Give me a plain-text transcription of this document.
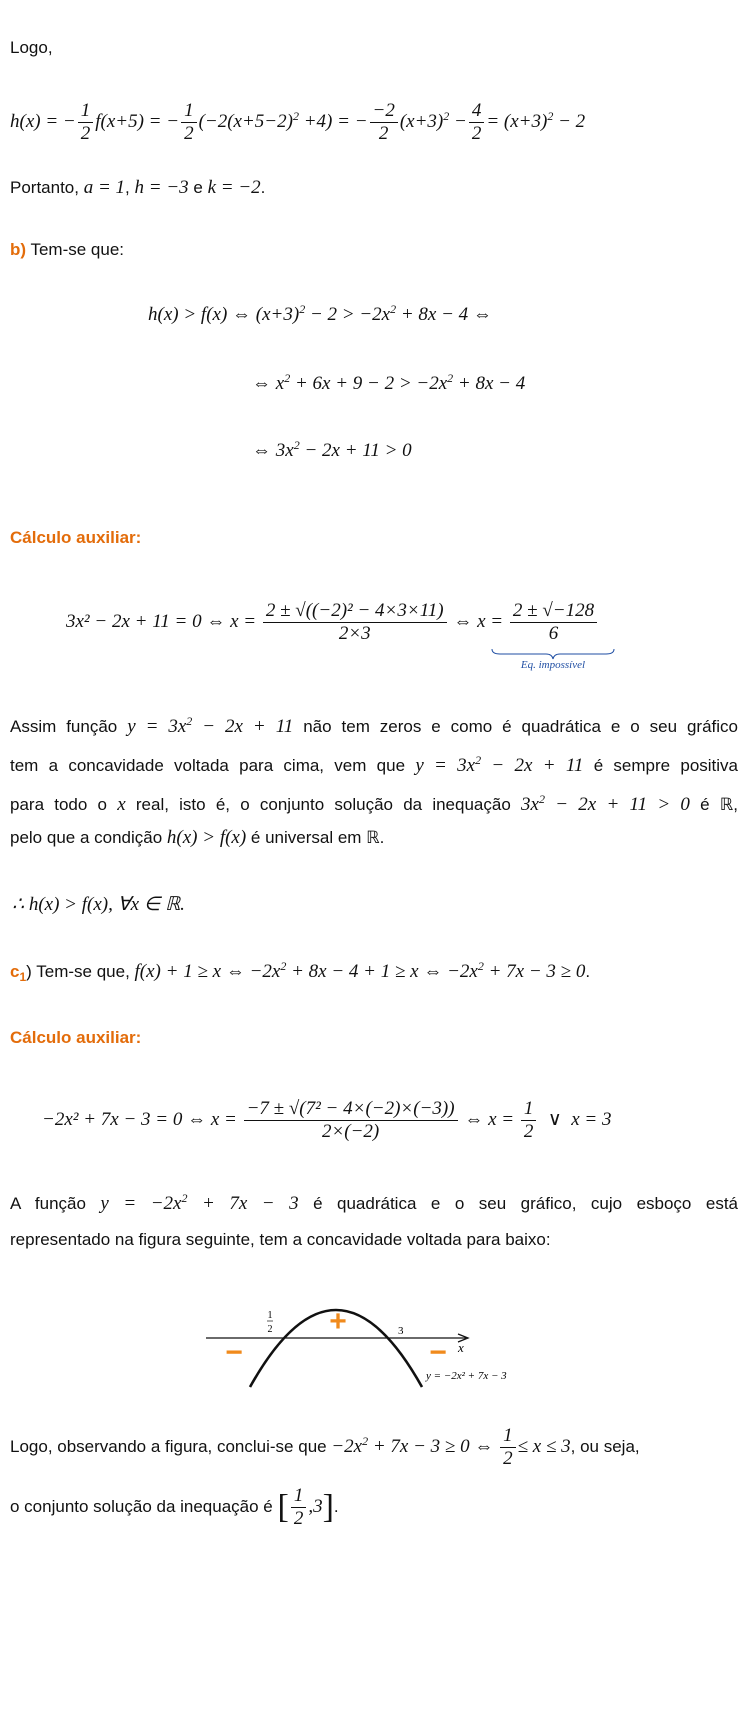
Logo,
h(x) = − $\frac{1}{2} f(x+5)$ = − $\frac{1}{2} (-2(x+5-2)^2 +4)$ = − $\frac{-2}{2} (x+3)^2 - \frac{4}{2} = (x+3)^2 - 2$
Portanto, a = 1, h = −3 e k = −2.
b) Tem-se que:
h(x) > f(x) ⇔ $(x+3)^2 - 2 > -2x^2 + 8x - 4$ ⇔
⇔ $x^2 + 6x + 9 - 2 > -2x^2 + 8x - 4$
⇔ $3x^2 - 2x + 11 > 0$
Cálculo auxiliar:
3x² − 2x + 11 = 0 ⇔ $x = \frac{\text{2 ± √((−2)² − 4×3×11)}}{2\times 3}$ ⇔ $x = \frac{2 \pm √-128}{6}$
Eq. impossível
Assim função $y = 3x^2 - 2x + 11$ não tem zeros e como é quadrática e o seu gráfico
tem a concavidade voltada para cima, vem que $y = 3x^2 - 2x + 11$ é sempre positiva
para todo o x real, isto é, o conjunto solução da inequação $3x^2 - 2x + 11 > 0$ é ℝ,
pelo que a condição h(x) > f(x) é universal em ℝ.
∴ h(x) > f(x), ∀x ∈ ℝ.
$c_1$) Tem-se que, f(x) + 1 ≥ x ⇔ $-2x^2 + 8x - 4 + 1 \ge x$ ⇔ $-2x^2 + 7x - 3 \ge 0$.
Cálculo auxiliar:
−2x² + 7x − 3 = 0 ⇔ $x = \frac{\text{−7 ± √(7² − 4×(−2)×(−3))}}{2\times(-2)}$ ⇔ $x = \frac{1}{2}$ ∨ x = 3
A função $y = -2x^2 + 7x - 3$ é quadrática e o seu gráfico, cujo esboço está
representado na figura seguinte, tem a concavidade voltada para baixo:
1
2	3
x
y = −2x² + 7x − 3
−
+
−
Logo, observando a figura, conclui-se que $-2x^2 + 7x - 3 \ge 0$ ⇔ $\frac{1}{2} \le x \le 3$, ou seja,
o conjunto solução da inequação é [ $\frac{1}{2} ,3$].
